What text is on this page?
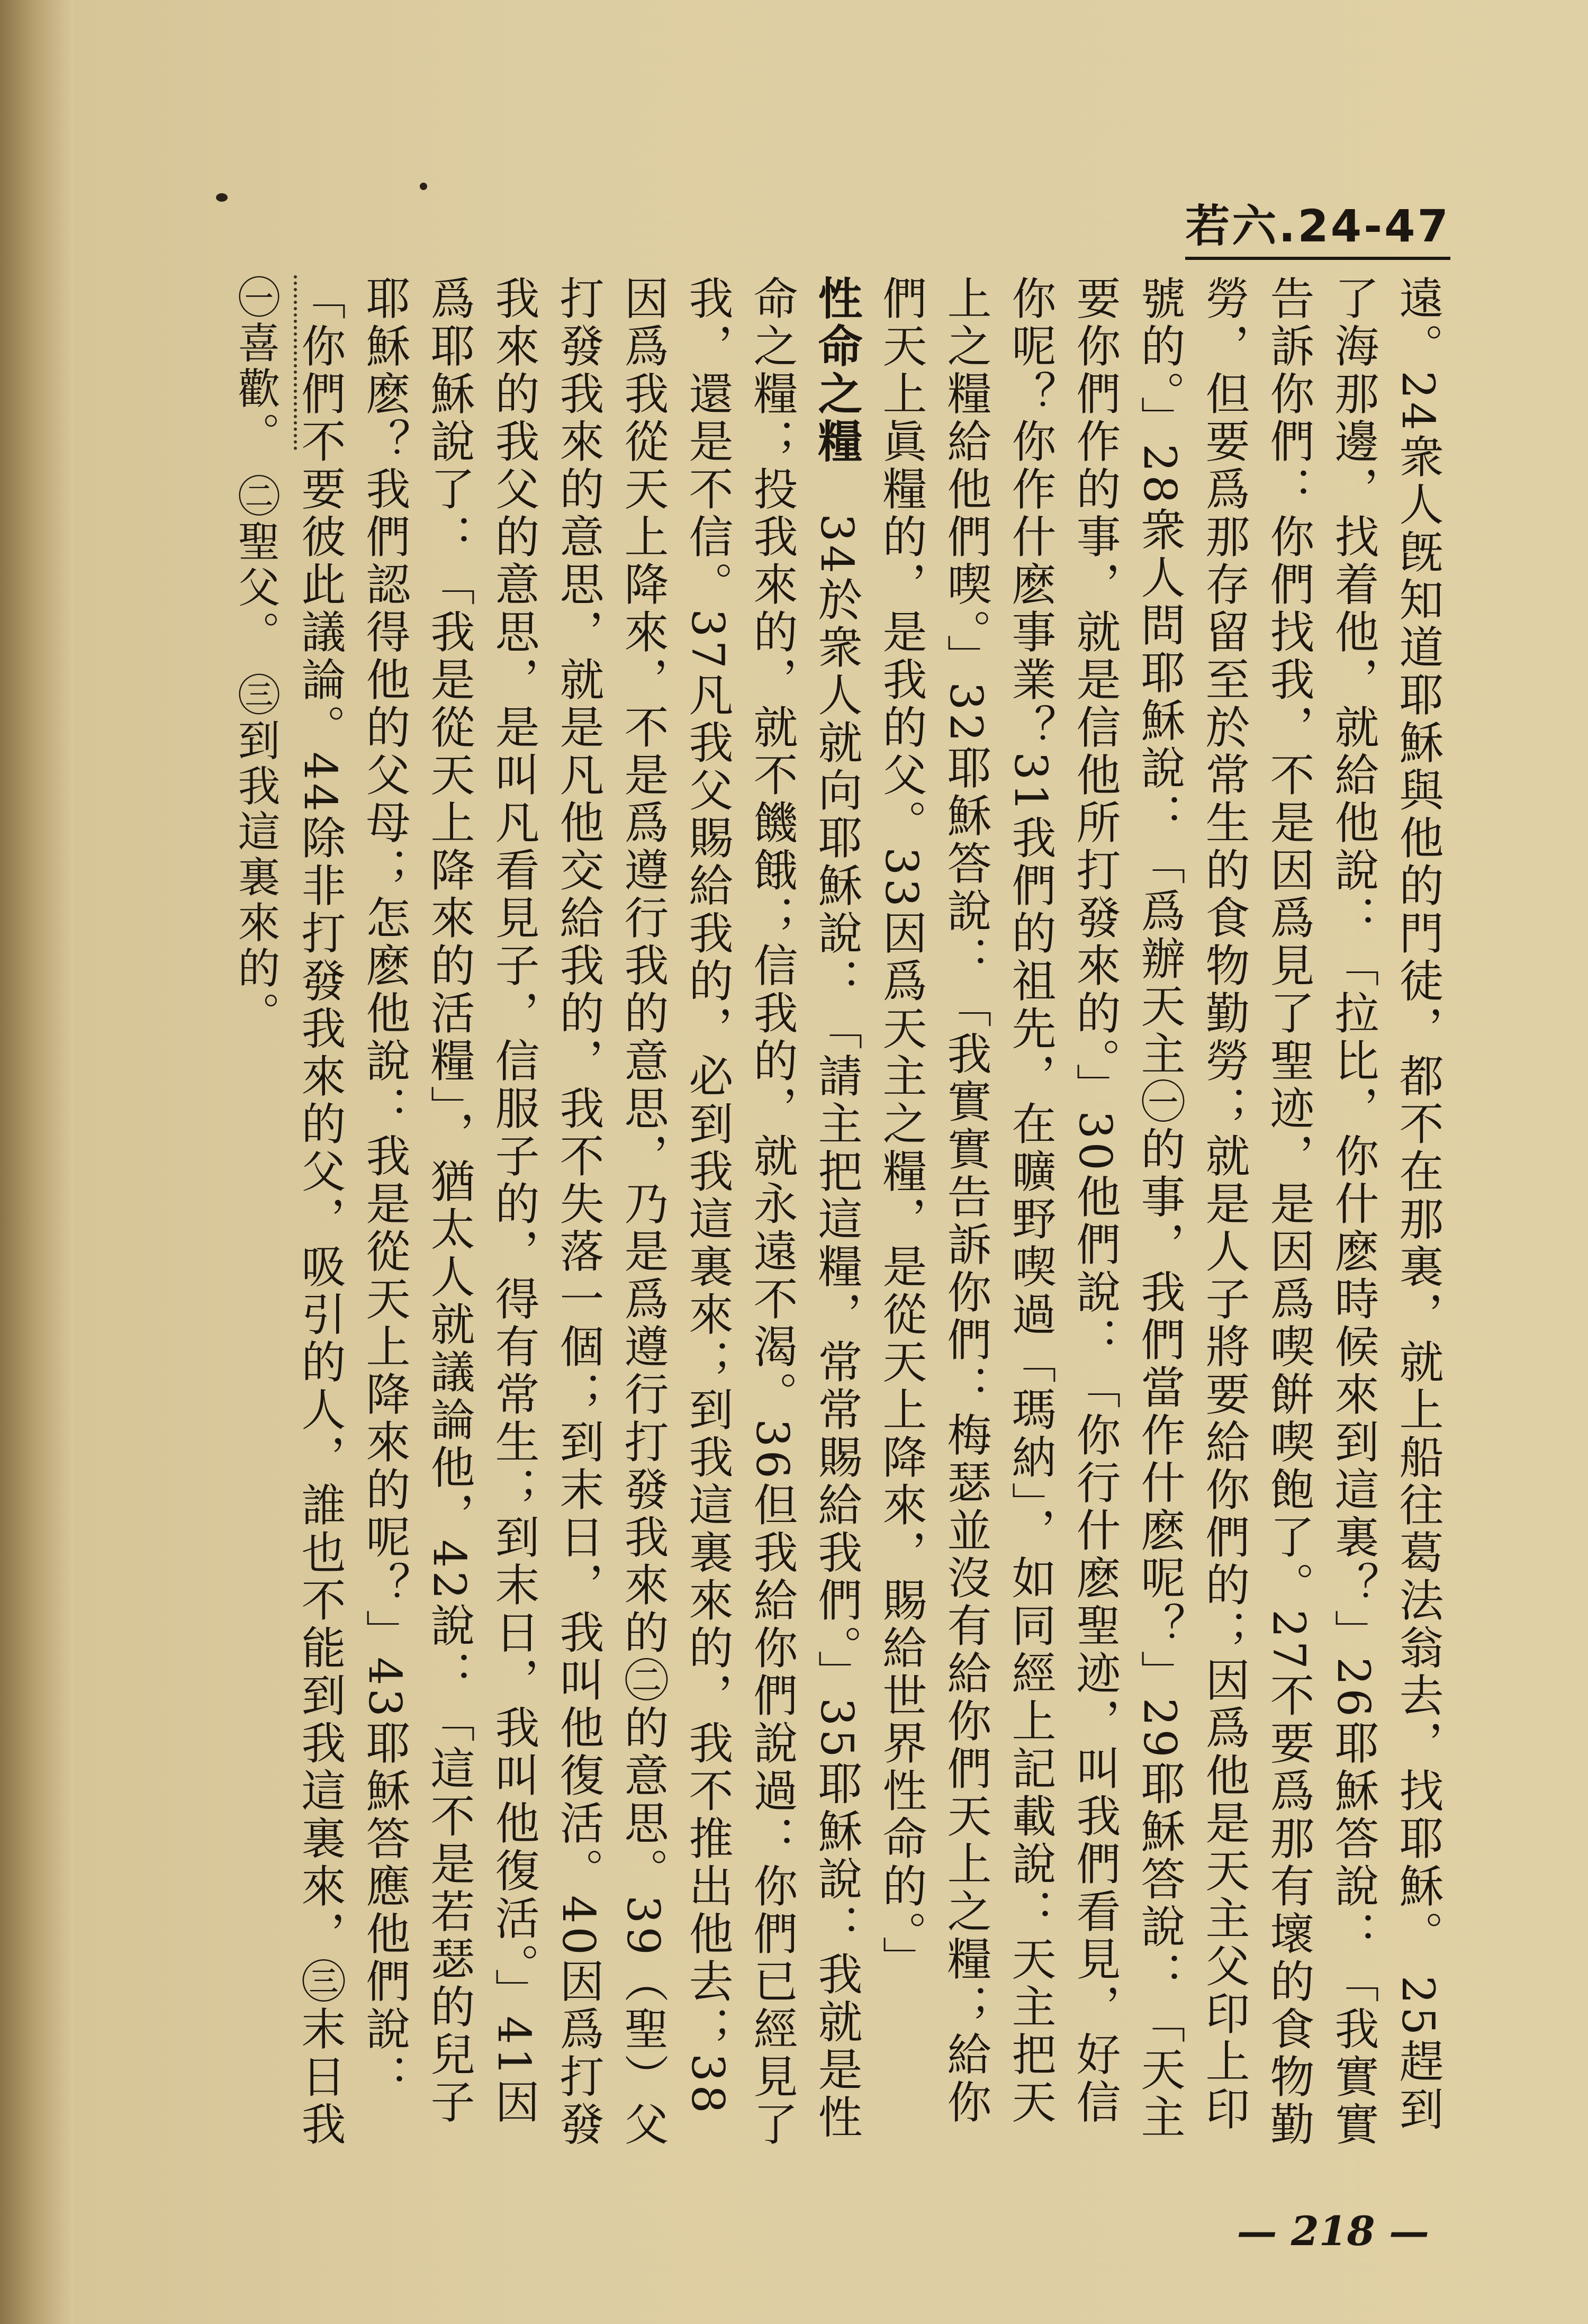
若六.24-47

遠。24衆人旣知道耶穌與他的門徒，都不在那裏，就上船往葛法翁去，找耶穌。 25趕到了海那邊，找着他，就給他說：「拉比，你什麽時候來到這裏？」26耶穌答說：「我實實告訴你們：你們找我，不是因爲見了聖迹，是因爲喫餠喫飽了。27不要爲那有壞的食物勤勞，但要爲那存留至於常生的食物勤勞；就是人子將要給你們的；因爲他是天主父印上印號的。」28衆人問耶穌說：「爲辦天主㊀的事，我們當作什麽呢？」29耶穌答說：「天主要你們作的事，就是信他所打發來的。」30他們說：「你行什麽聖迹，叫我們看見，好信你呢？你作什麽事業？31我們的祖先，在曠野喫過「瑪納」，如同經上記載說：天主把天上之糧給他們喫。」32耶穌答說：「我實實告訴你們：梅瑟並沒有給你們天上之糧；給你們天上眞糧的，是我的父。33因爲天主之糧，是從天上降來，賜給世界性命的。」

性命之糧　34於衆人就向耶穌說：「請主把這糧，常常賜給我們。」35耶穌說：我就是性命之糧；投我來的，就不饑餓；信我的，就永遠不渴。36但我給你們說過：你們已經見了我，還是不信。37凡我父賜給我的，必到我這裏來；到我這裏來的，我不推出他去；38因爲我從天上降來，不是爲遵行我的意思，乃是爲遵行打發我來的㊁的意思。39（聖）父打發我來的意思，就是凡他交給我的，我不失落一個；到末日，我叫他復活。40因爲打發我來的我父的意思，是叫凡看見子，信服子的，得有常生；到末日，我叫他復活。」41因爲耶穌說了：「我是從天上降來的活糧」，猶太人就議論他，42說：「這不是若瑟的兒子耶穌麽？我們認得他的父母；怎麽他說：我是從天上降來的呢？」43耶穌答應他們說：「你們不要彼此議論。44除非打發我來的父，吸引的人，誰也不能到我這裏來，㊂末日我

㊀喜歡。 ㊁聖父。 ㊂到我這裏來的。
— 218 —
